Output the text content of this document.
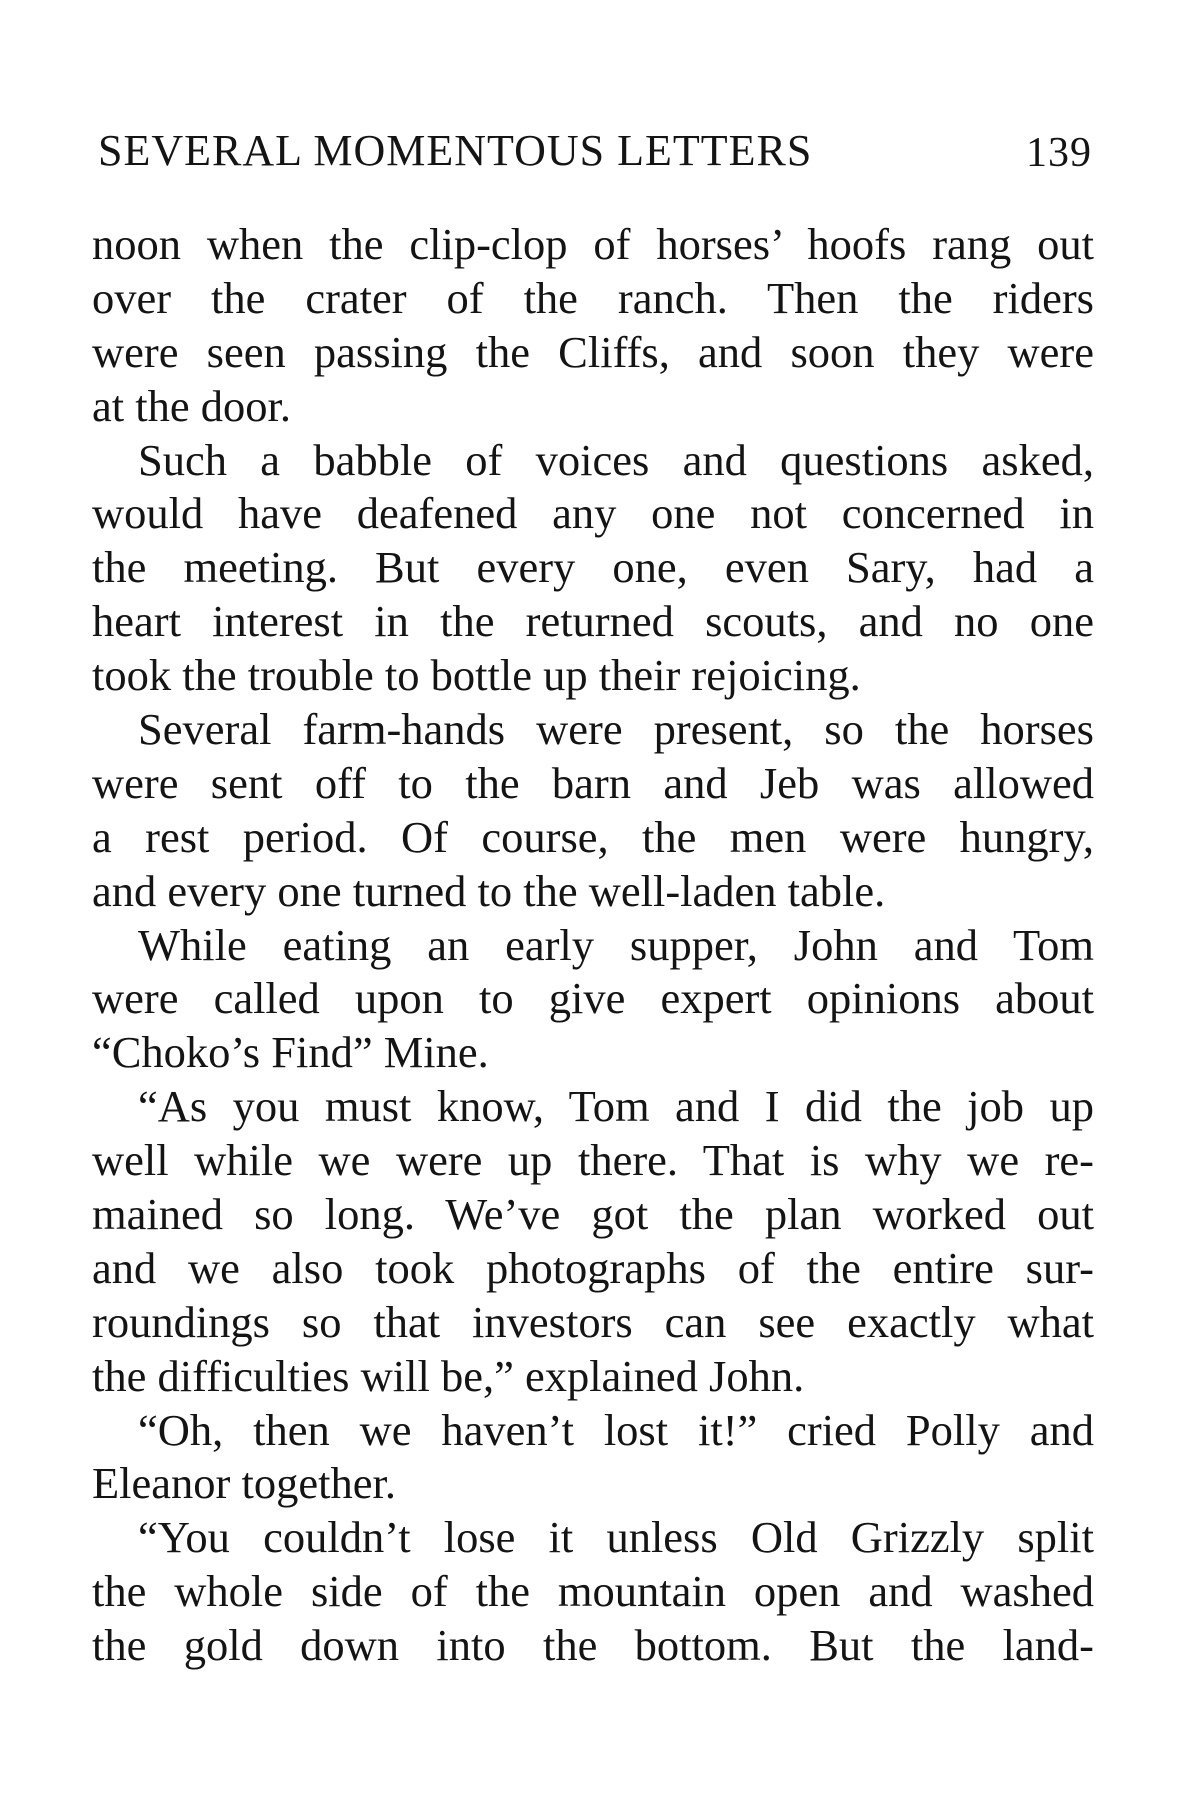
SEVERAL MOMENTOUS LETTERS	139
noon when the clip-clop of horses’ hoofs rang out
over the crater of the ranch. Then the riders
were seen passing the Cliffs, and soon they were
at the door.
Such a babble of voices and questions asked,
would have deafened any one not concerned in
the meeting. But every one, even Sary, had a
heart interest in the returned scouts, and no one
took the trouble to bottle up their rejoicing.
Several farm-hands were present, so the horses
were sent off to the barn and Jeb was allowed
a rest period. Of course, the men were hungry,
and every one turned to the well-laden table.
While eating an early supper, John and Tom
were called upon to give expert opinions about
“Choko’s Find” Mine.
“As you must know, Tom and I did the job up
well while we were up there. That is why we re-
mained so long. We’ve got the plan worked out
and we also took photographs of the entire sur-
roundings so that investors can see exactly what
the difficulties will be,” explained John.
“Oh, then we haven’t lost it!” cried Polly and
Eleanor together.
“You couldn’t lose it unless Old Grizzly split
the whole side of the mountain open and washed
the gold down into the bottom. But the land-
